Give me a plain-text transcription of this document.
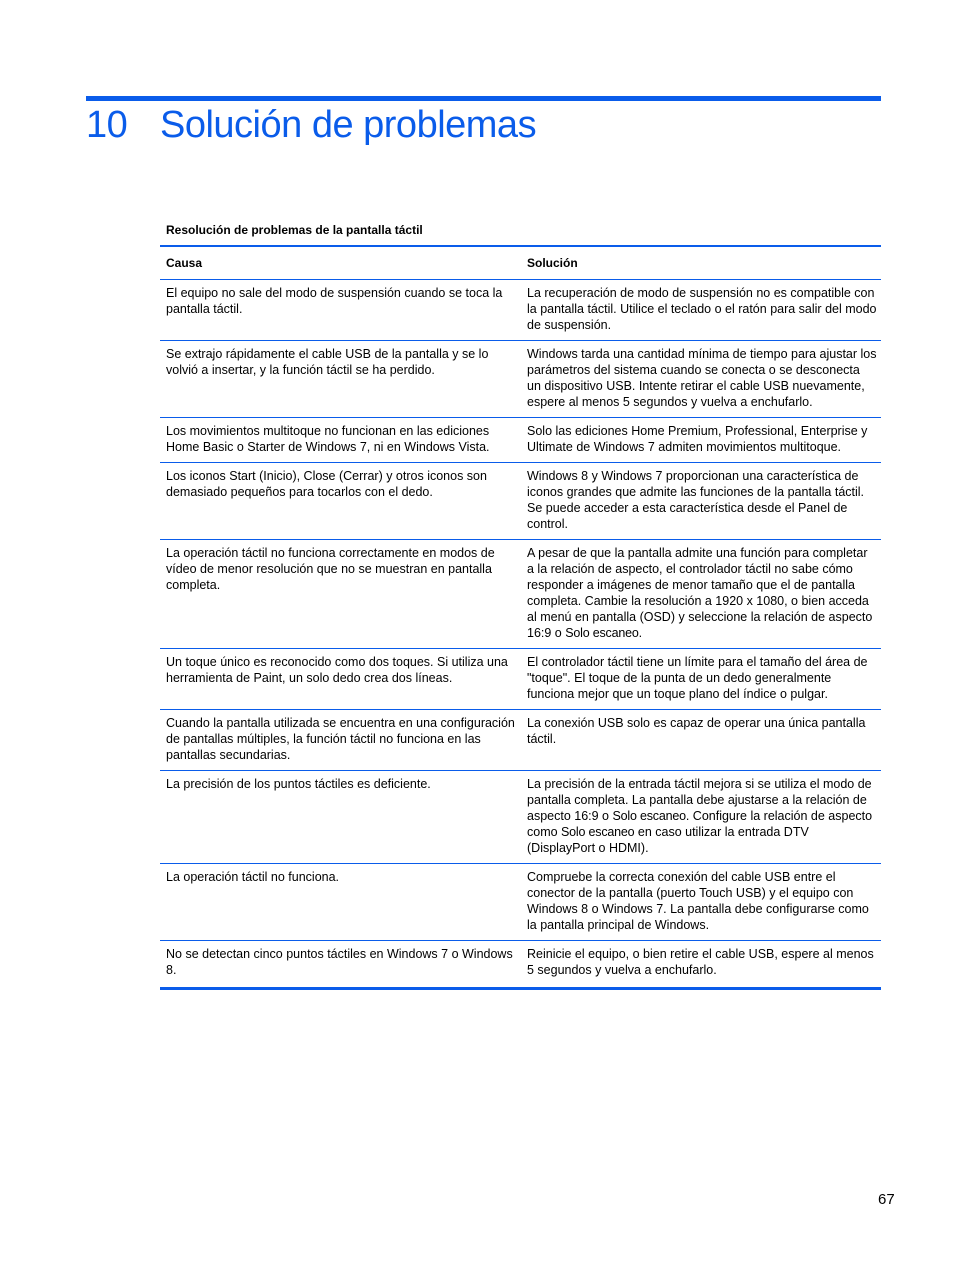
10 Solución de problemas

Resolución de problemas de la pantalla táctil

Causa	Solución
El equipo no sale del modo de suspensión cuando se toca la pantalla táctil.	La recuperación de modo de suspensión no es compatible con la pantalla táctil. Utilice el teclado o el ratón para salir del modo de suspensión.
Se extrajo rápidamente el cable USB de la pantalla y se lo volvió a insertar, y la función táctil se ha perdido.	Windows tarda una cantidad mínima de tiempo para ajustar los parámetros del sistema cuando se conecta o se desconecta un dispositivo USB. Intente retirar el cable USB nuevamente, espere al menos 5 segundos y vuelva a enchufarlo.
Los movimientos multitoque no funcionan en las ediciones Home Basic o Starter de Windows 7, ni en Windows Vista.	Solo las ediciones Home Premium, Professional, Enterprise y Ultimate de Windows 7 admiten movimientos multitoque.
Los iconos Start (Inicio), Close (Cerrar) y otros iconos son demasiado pequeños para tocarlos con el dedo.	Windows 8 y Windows 7 proporcionan una característica de iconos grandes que admite las funciones de la pantalla táctil. Se puede acceder a esta característica desde el Panel de control.
La operación táctil no funciona correctamente en modos de vídeo de menor resolución que no se muestran en pantalla completa.	A pesar de que la pantalla admite una función para completar a la relación de aspecto, el controlador táctil no sabe cómo responder a imágenes de menor tamaño que el de pantalla completa. Cambie la resolución a 1920 x 1080, o bien acceda al menú en pantalla (OSD) y seleccione la relación de aspecto 16:9 o Solo escaneo.
Un toque único es reconocido como dos toques. Si utiliza una herramienta de Paint, un solo dedo crea dos líneas.	El controlador táctil tiene un límite para el tamaño del área de "toque". El toque de la punta de un dedo generalmente funciona mejor que un toque plano del índice o pulgar.
Cuando la pantalla utilizada se encuentra en una configuración de pantallas múltiples, la función táctil no funciona en las pantallas secundarias.	La conexión USB solo es capaz de operar una única pantalla táctil.
La precisión de los puntos táctiles es deficiente.	La precisión de la entrada táctil mejora si se utiliza el modo de pantalla completa. La pantalla debe ajustarse a la relación de aspecto 16:9 o Solo escaneo. Configure la relación de aspecto como Solo escaneo en caso utilizar la entrada DTV (DisplayPort o HDMI).
La operación táctil no funciona.	Compruebe la correcta conexión del cable USB entre el conector de la pantalla (puerto Touch USB) y el equipo con Windows 8 o Windows 7. La pantalla debe configurarse como la pantalla principal de Windows.
No se detectan cinco puntos táctiles en Windows 7 o Windows 8.	Reinicie el equipo, o bien retire el cable USB, espere al menos 5 segundos y vuelva a enchufarlo.
67
